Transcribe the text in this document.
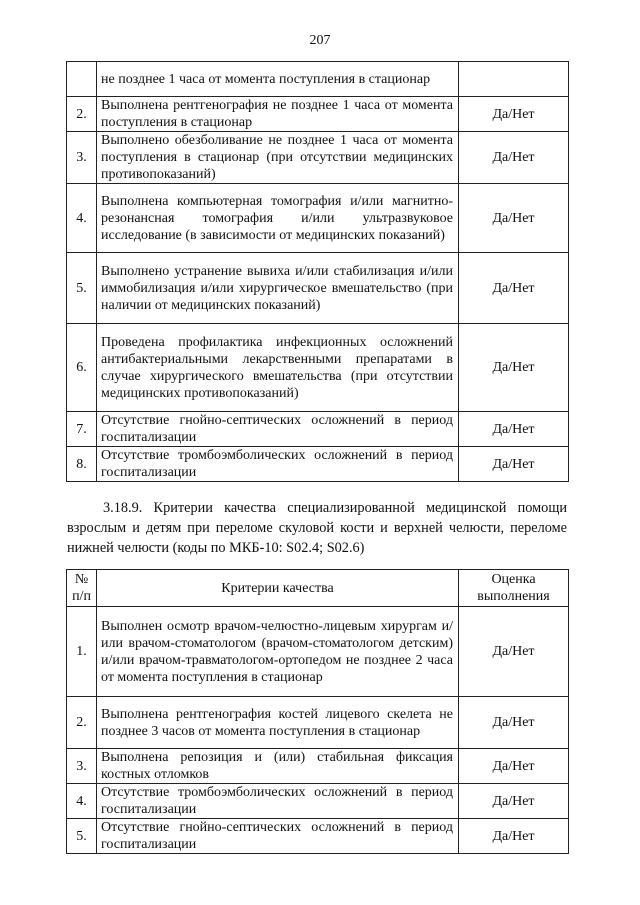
207
	не позднее 1 часа от момента поступления в стационар	
2.	Выполнена рентгенография не позднее 1 часа от момента поступления в стационар	Да/Нет
3.	Выполнено обезболивание не позднее 1 часа от момента поступления в стационар (при отсутствии медицинских противопоказаний)	Да/Нет
4.	Выполнена компьютерная томография и/или магнитно-резонансная томография и/или ультразвуковое исследование (в зависимости от медицинских показаний)	Да/Нет
5.	Выполнено устранение вывиха и/или стабилизация и/или иммобилизация и/или хирургическое вмешательство (при наличии от медицинских показаний)	Да/Нет
6.	Проведена профилактика инфекционных осложнений антибактериальными лекарственными препаратами в случае хирургического вмешательства (при отсутствии медицинских противопоказаний)	Да/Нет
7.	Отсутствие гнойно-септических осложнений в период госпитализации	Да/Нет
8.	Отсутствие тромбоэмболических осложнений в период госпитализации	Да/Нет
3.18.9. Критерии качества специализированной медицинской помощи взрослым и детям при переломе скуловой кости и верхней челюсти, переломе нижней челюсти (коды по МКБ-10: S02.4; S02.6)
№ п/п	Критерии качества	Оценка выполнения
1.	Выполнен осмотр врачом-челюстно-лицевым хирургам и/или врачом-стоматологом (врачом-стоматологом детским) и/или врачом-травматологом-ортопедом не позднее 2 часа от момента поступления в стационар	Да/Нет
2.	Выполнена рентгенография костей лицевого скелета не позднее 3 часов от момента поступления в стационар	Да/Нет
3.	Выполнена репозиция и (или) стабильная фиксация костных отломков	Да/Нет
4.	Отсутствие тромбоэмболических осложнений в период госпитализации	Да/Нет
5.	Отсутствие гнойно-септических осложнений в период госпитализации	Да/Нет
